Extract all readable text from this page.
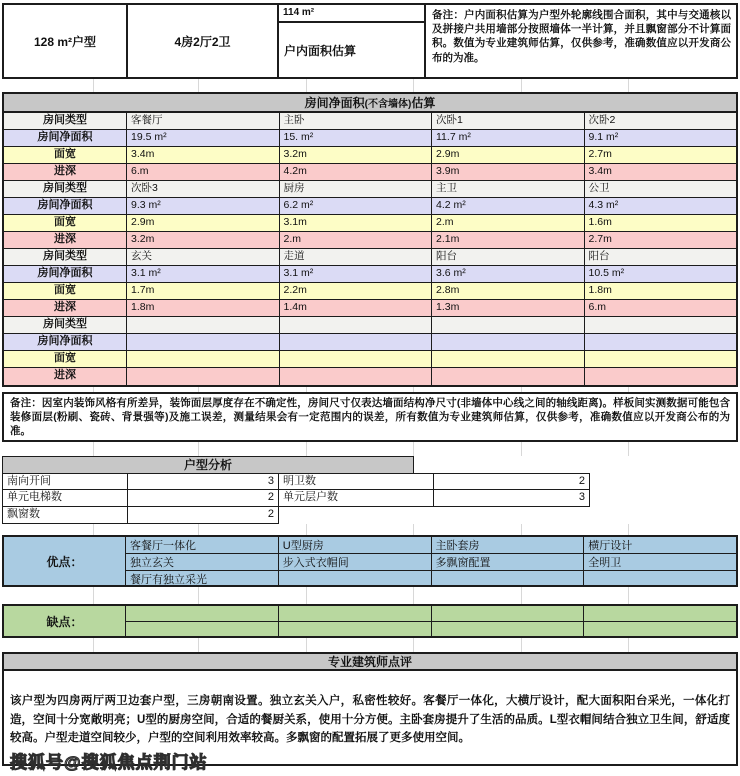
128 m²户型	4房2厅2卫
114 m²
户内面积估算
备注：户内面积估算为户型外轮廓线围合面积，其中与交通核以及拼接户共用墙部分按照墙体一半计算，并且飘窗部分不计算面积。数值为专业建筑师估算，仅供参考，准确数值应以开发商公布的为准。
房间净面积(不含墙体)估算
房间类型	客餐厅	主卧	次卧1	次卧2
房间净面积	19.5 m²	15. m²	11.7 m²	9.1 m²
面宽	3.4m	3.2m	2.9m	2.7m
进深	6.m	4.2m	3.9m	3.4m
房间类型	次卧3	厨房	主卫	公卫
房间净面积	9.3 m²	6.2 m²	4.2 m²	4.3 m²
面宽	2.9m	3.1m	2.m	1.6m
进深	3.2m	2.m	2.1m	2.7m
房间类型	玄关	走道	阳台	阳台
房间净面积	3.1 m²	3.1 m²	3.6 m²	10.5 m²
面宽	1.7m	2.2m	2.8m	1.8m
进深	1.8m	1.4m	1.3m	6.m
房间类型
房间净面积
面宽
进深
备注：因室内装饰风格有所差异，装饰面层厚度存在不确定性，房间尺寸仅表达墙面结构净尺寸(非墙体中心线之间的轴线距离)。样板间实测数据可能包含装修面层(粉刷、瓷砖、背景强等)及施工误差，测量结果会有一定范围内的误差，所有数值为专业建筑师估算，仅供参考，准确数值应以开发商公布的为准。
户型分析
南向开间	3 明卫数	2
单元电梯数	2 单元层户数	3
飘窗数	2
优点：
客餐厅一体化	U型厨房	主卧套房	横厅设计
独立玄关	步入式衣帽间	多飘窗配置	全明卫
餐厅有独立采光
缺点：
专业建筑师点评
该户型为四房两厅两卫边套户型，三房朝南设置。独立玄关入户，私密性较好。客餐厅一体化，大横厅设计，配大面积阳台采光，一体化打造，空间十分宽敞明亮；U型的厨房空间，合适的餐厨关系，使用十分方便。主卧套房提升了生活的品质。L型衣帽间结合独立卫生间，舒适度较高。户型走道空间较少，户型的空间利用效率较高。多飘窗的配置拓展了更多使用空间。
搜狐号@搜狐焦点荆门站
